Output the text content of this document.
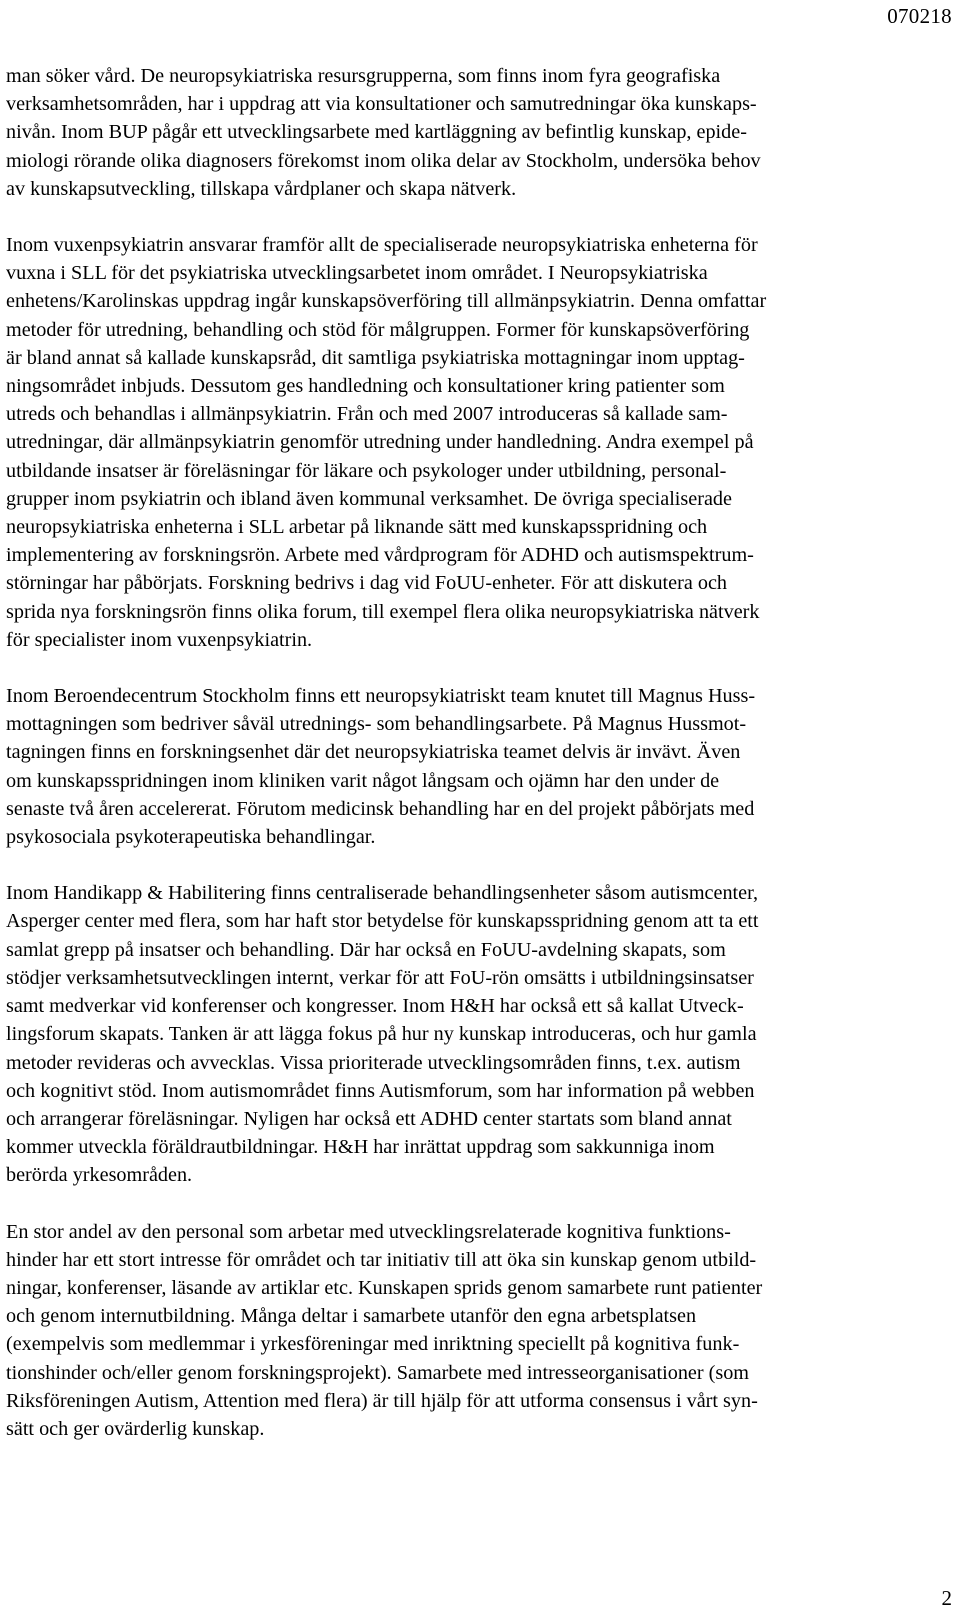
070218

man söker vård. De neuropsykiatriska resursgrupperna, som finns inom fyra geografiska
verksamhetsområden, har i uppdrag att via konsultationer och samutredningar öka kunskaps-
nivån. Inom BUP pågår ett utvecklingsarbete med kartläggning av befintlig kunskap, epide-
miologi rörande olika diagnosers förekomst inom olika delar av Stockholm, undersöka behov
av kunskapsutveckling, tillskapa vårdplaner och skapa nätverk.

Inom vuxenpsykiatrin ansvarar framför allt de specialiserade neuropsykiatriska enheterna för
vuxna i SLL för det psykiatriska utvecklingsarbetet inom området. I Neuropsykiatriska
enhetens/Karolinskas uppdrag ingår kunskapsöverföring till allmänpsykiatrin. Denna omfattar
metoder för utredning, behandling och stöd för målgruppen. Former för kunskapsöverföring
är bland annat så kallade kunskapsråd, dit samtliga psykiatriska mottagningar inom upptag-
ningsområdet inbjuds. Dessutom ges handledning och konsultationer kring patienter som
utreds och behandlas i allmänpsykiatrin. Från och med 2007 introduceras så kallade sam-
utredningar, där allmänpsykiatrin genomför utredning under handledning. Andra exempel på
utbildande insatser är föreläsningar för läkare och psykologer under utbildning, personal-
grupper inom psykiatrin och ibland även kommunal verksamhet. De övriga specialiserade
neuropsykiatriska enheterna i SLL arbetar på liknande sätt med kunskapsspridning och
implementering av forskningsrön. Arbete med vårdprogram för ADHD och autismspektrum-
störningar har påbörjats. Forskning bedrivs i dag vid FoUU-enheter. För att diskutera och
sprida nya forskningsrön finns olika forum, till exempel flera olika neuropsykiatriska nätverk
för specialister inom vuxenpsykiatrin.

Inom Beroendecentrum Stockholm finns ett neuropsykiatriskt team knutet till Magnus Huss-
mottagningen som bedriver såväl utrednings- som behandlingsarbete. På Magnus Hussmot-
tagningen finns en forskningsenhet där det neuropsykiatriska teamet delvis är invävt. Även
om kunskapsspridningen inom kliniken varit något långsam och ojämn har den under de
senaste två åren accelererat. Förutom medicinsk behandling har en del projekt påbörjats med
psykosociala psykoterapeutiska behandlingar.

Inom Handikapp & Habilitering finns centraliserade behandlingsenheter såsom autismcenter,
Asperger center med flera, som har haft stor betydelse för kunskapsspridning genom att ta ett
samlat grepp på insatser och behandling. Där har också en FoUU-avdelning skapats, som
stödjer verksamhetsutvecklingen internt, verkar för att FoU-rön omsätts i utbildningsinsatser
samt medverkar vid konferenser och kongresser. Inom H&H har också ett så kallat Utveck-
lingsforum skapats. Tanken är att lägga fokus på hur ny kunskap introduceras, och hur gamla
metoder revideras och avvecklas. Vissa prioriterade utvecklingsområden finns, t.ex. autism
och kognitivt stöd. Inom autismområdet finns Autismforum, som har information på webben
och arrangerar föreläsningar. Nyligen har också ett ADHD center startats som bland annat
kommer utveckla föräldrautbildningar. H&H har inrättat uppdrag som sakkunniga inom
berörda yrkesområden.

En stor andel av den personal som arbetar med utvecklingsrelaterade kognitiva funktions-
hinder har ett stort intresse för området och tar initiativ till att öka sin kunskap genom utbild-
ningar, konferenser, läsande av artiklar etc. Kunskapen sprids genom samarbete runt patienter
och genom internutbildning. Många deltar i samarbete utanför den egna arbetsplatsen
(exempelvis som medlemmar i yrkesföreningar med inriktning speciellt på kognitiva funk-
tionshinder och/eller genom forskningsprojekt). Samarbete med intresseorganisationer (som
Riksföreningen Autism, Attention med flera) är till hjälp för att utforma consensus i vårt syn-
sätt och ger ovärderlig kunskap.

2
